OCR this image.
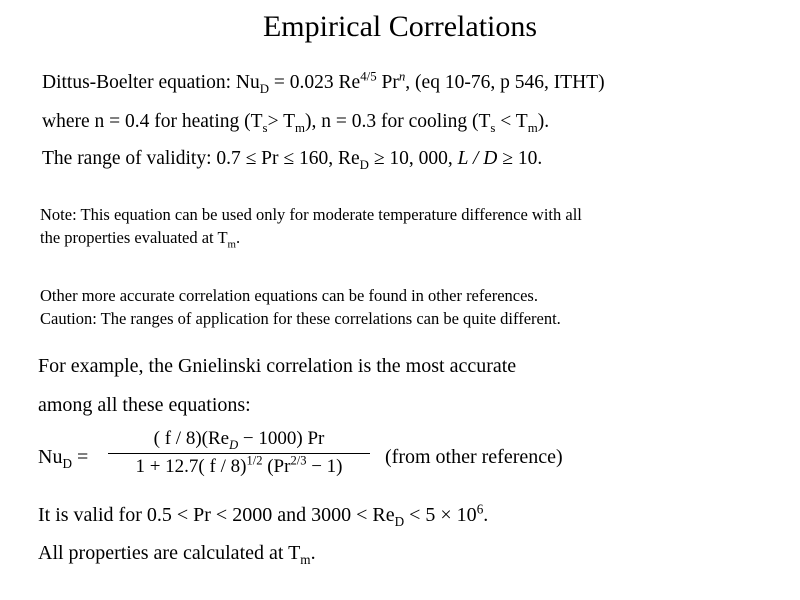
Empirical Correlations
Dittus-Boelter equation: $Nu_D = 0.023$ $Re^{4/5}$ Pr$^n$, (eq 10-76, p 546, ITHT)
where n = 0.4 for heating $(T_s> T_m)$, n = 0.3 for cooling $(T_s < T_m)$.
The range of validity: 0.7 ≤ Pr ≤ 160, $Re_D \ge 10$, 000, L / D ≥ 10.
Note: This equation can be used only for moderate temperature difference with all
the properties evaluated at $T_m$.
Other more accurate correlation equations can be found in other references.
Caution: The ranges of application for these correlations can be quite different.
For example, the Gnielinski correlation is the most accurate
among all these equations:
$Nu_D$ =
( $f / 8)(Re_D - 1000)$ Pr
1 + 12.7( f / 8)$^{1/2}$ $(Pr^{2/3} - 1)$	(from other reference)
It is valid for 0.5 < Pr < 2000 and $3000 < Re_D < 5 \times 10^6$.
All properties are calculated at $T_m$.
